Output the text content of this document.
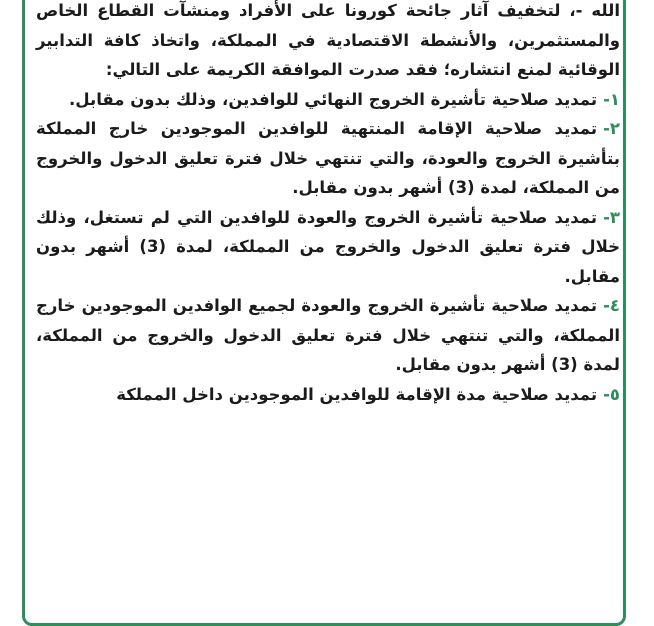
الله -، لتخفيف آثار جائحة كورونا على الأفراد ومنشآت القطاع الخاص والمستثمرين، والأنشطة الاقتصادية في المملكة، واتخاذ كافة التدابير الوقائية لمنع انتشاره؛ فقد صدرت الموافقة الكريمة على التالي:

١-تمديد صلاحية تأشيرة الخروج النهائي للوافدين، وذلك بدون مقابل.

٢-تمديد صلاحية الإقامة المنتهية للوافدين الموجودين خارج المملكة بتأشيرة الخروج والعودة، والتي تنتهي خلال فترة تعليق الدخول والخروج من المملكة، لمدة (3) أشهر بدون مقابل.

٣-تمديد صلاحية تأشيرة الخروج والعودة للوافدين التي لم تستغل، وذلك خلال فترة تعليق الدخول والخروج من المملكة، لمدة (3) أشهر بدون مقابل.

٤-تمديد صلاحية تأشيرة الخروج والعودة لجميع الوافدين الموجودين خارج المملكة، والتي تنتهي خلال فترة تعليق الدخول والخروج من المملكة، لمدة (3) أشهر بدون مقابل.

٥-تمديد صلاحية مدة الإقامة للوافدين الموجودين داخل المملكة
